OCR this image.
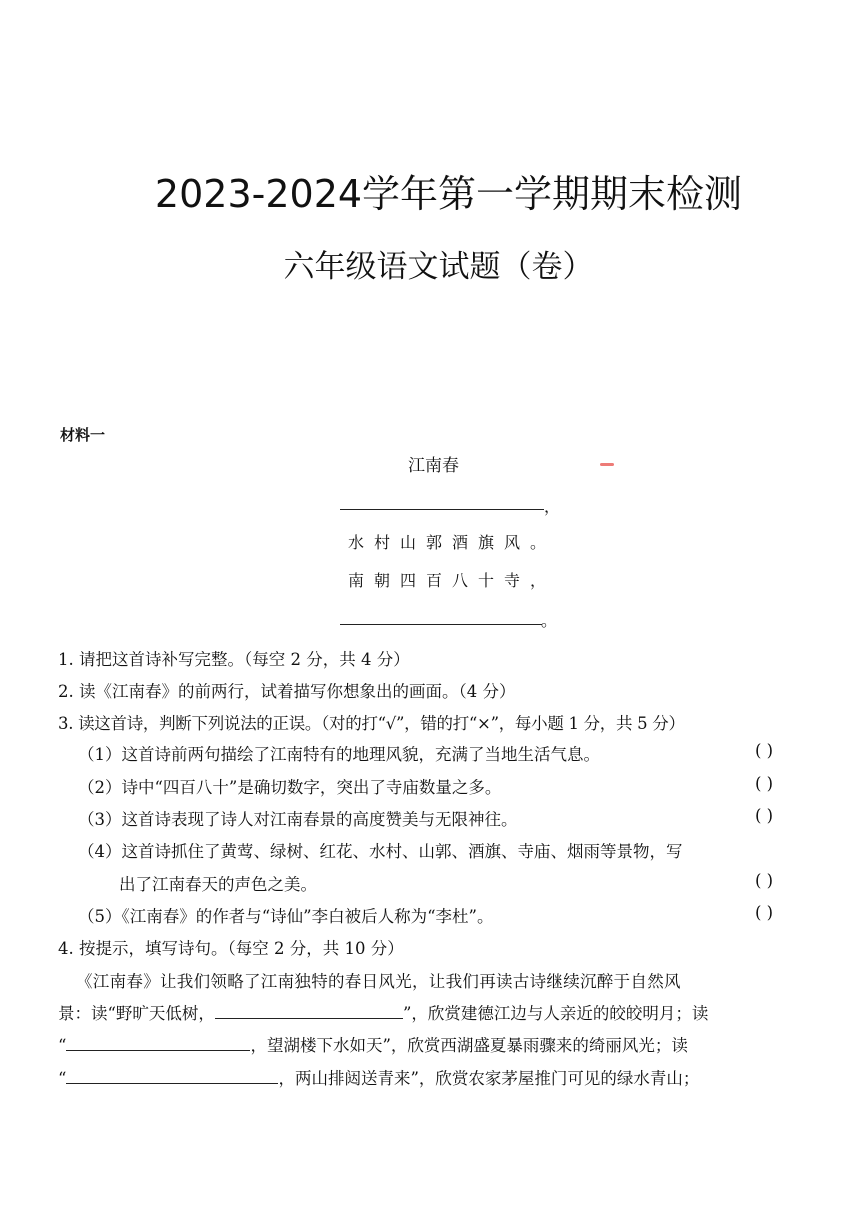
2023-2024学年第一学期期末检测
六年级语文试题（卷）
材料一
江南春
，
水村山郭酒旗风。
南朝四百八十寺，
。
1. 请把这首诗补写完整。（每空 2 分，共 4 分）
2. 读《江南春》的前两行，试着描写你想象出的画面。（4 分）
3. 读这首诗，判断下列说法的正误。（对的打“√”，错的打“×”，每小题 1 分，共 5 分）
（1）这首诗前两句描绘了江南特有的地理风貌，充满了当地生活气息。	( )
（2）诗中“四百八十”是确切数字，突出了寺庙数量之多。	( )
（3）这首诗表现了诗人对江南春景的高度赞美与无限神往。	( )
（4）这首诗抓住了黄莺、绿树、红花、水村、山郭、酒旗、寺庙、烟雨等景物，写
出了江南春天的声色之美。	( )
（5）《江南春》的作者与“诗仙”李白被后人称为“李杜”。	( )
4. 按提示，填写诗句。（每空 2 分，共 10 分）
《江南春》让我们领略了江南独特的春日风光，让我们再读古诗继续沉醉于自然风
景：读“野旷天低树，	”，欣赏建德江边与人亲近的皎皎明月；读
“	，望湖楼下水如天”，欣赏西湖盛夏暴雨骤来的绮丽风光；读
“	，两山排闼送青来”，欣赏农家茅屋推门可见的绿水青山；
